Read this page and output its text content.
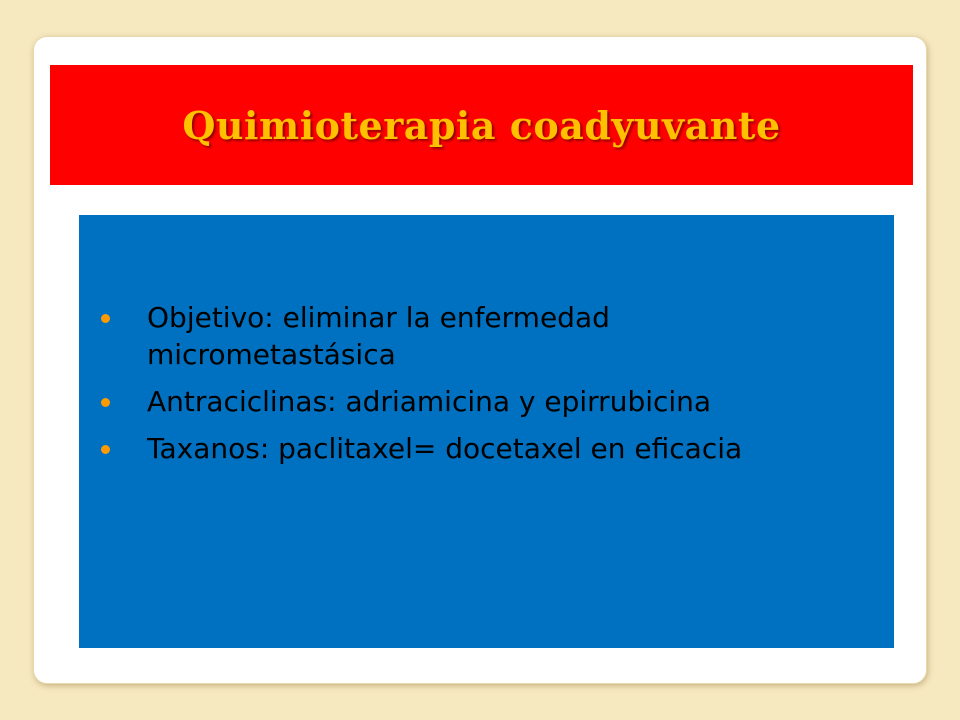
Quimioterapia coadyuvante
Objetivo: eliminar la enfermedad micrometastásica
Antraciclinas: adriamicina y epirrubicina
Taxanos: paclitaxel= docetaxel en eficacia
